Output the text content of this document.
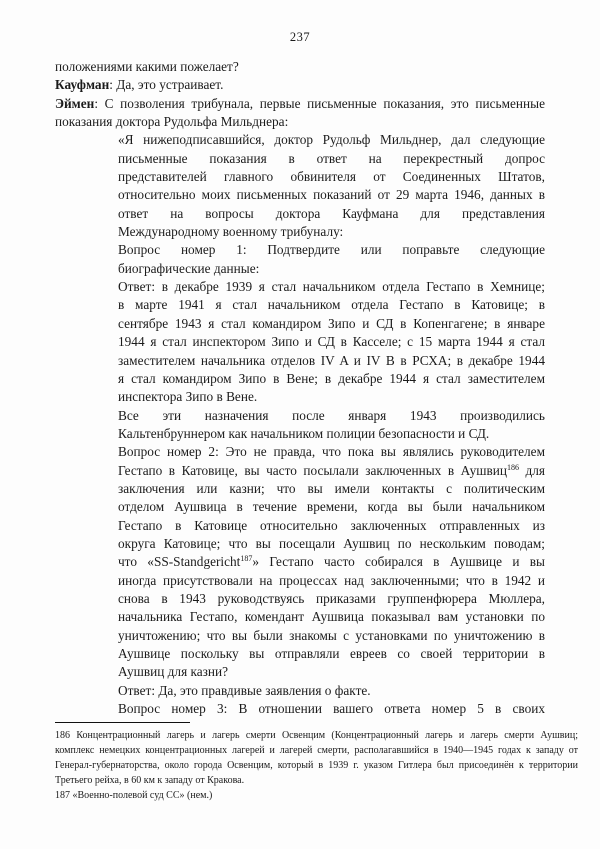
237
положениями какими пожелает?
Кауфман: Да, это устраивает.
Эймен: С позволения трибунала, первые письменные показания, это письменные
показания доктора Рудольфа Мильднера:
«Я нижеподписавшийся, доктор Рудольф Мильднер, дал следующие
письменные показания в ответ на перекрестный допрос
представителей главного обвинителя от Соединенных Штатов,
относительно моих письменных показаний от 29 марта 1946, данных в
ответ на вопросы доктора Кауфмана для представления
Международному военному трибуналу:
Вопрос номер 1: Подтвердите или поправьте следующие
биографические данные:
Ответ: в декабре 1939 я стал начальником отдела Гестапо в Хемнице;
в марте 1941 я стал начальником отдела Гестапо в Катовице; в
сентябре 1943 я стал командиром Зипо и СД в Копенгагене; в январе
1944 я стал инспектором Зипо и СД в Касселе; с 15 марта 1944 я стал
заместителем начальника отделов IV A и IV B в РСХА; в декабре 1944
я стал командиром Зипо в Вене; в декабре 1944 я стал заместителем
инспектора Зипо в Вене.
Все эти назначения после января 1943 производились
Кальтенбруннером как начальником полиции безопасности и СД.
Вопрос номер 2: Это не правда, что пока вы являлись руководителем
Гестапо в Катовице, вы часто посылали заключенных в Аушвиц$^{186}$ для
заключения или казни; что вы имели контакты с политическим
отделом Аушвица в течение времени, когда вы были начальником
Гестапо в Катовице относительно заключенных отправленных из
округа Катовице; что вы посещали Аушвиц по нескольким поводам;
что «SS-Standgericht$^{187}$» Гестапо часто собирался в Аушвице и вы
иногда присутствовали на процессах над заключенными; что в 1942 и
снова в 1943 руководствуясь приказами группенфюрера Мюллера,
начальника Гестапо, комендант Аушвица показывал вам установки по
уничтожению; что вы были знакомы с установками по уничтожению в
Аушвице поскольку вы отправляли евреев со своей территории в
Аушвиц для казни?
Ответ: Да, это правдивые заявления о факте.
Вопрос номер 3: В отношении вашего ответа номер 5 в своих
186 Концентрационный лагерь и лагерь смерти Освенцим (Концентрационный лагерь и лагерь смерти Аушвиц;
комплекс немецких концентрационных лагерей и лагерей смерти, располагавшийся в 1940—1945 годах к западу от
Генерал-губернаторства, около города Освенцим, который в 1939 г. указом Гитлера был присоединён к территории
Третьего рейха, в 60 км к западу от Кракова.
187 «Военно-полевой суд СС» (нем.)
